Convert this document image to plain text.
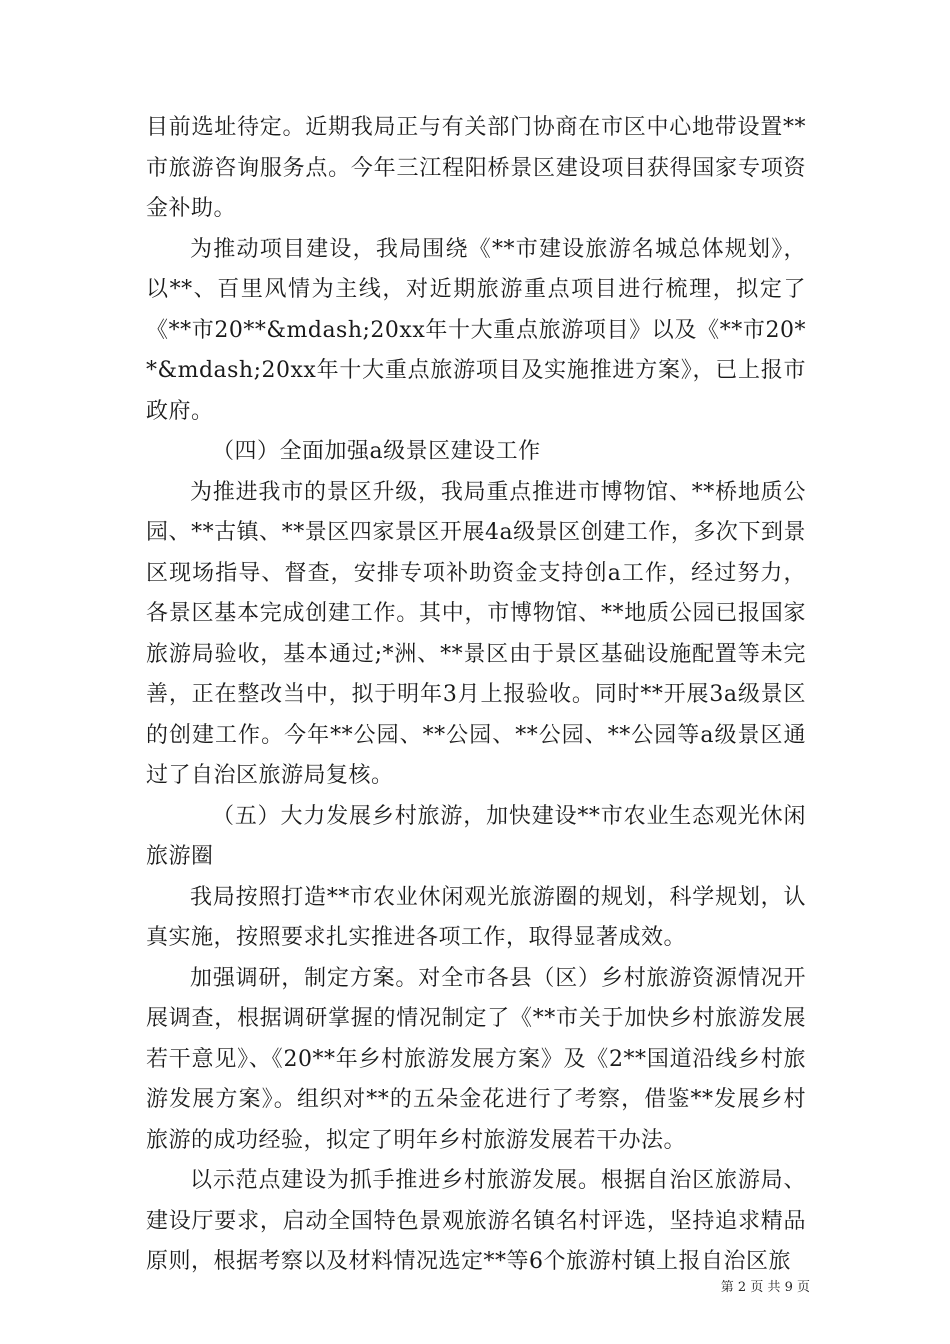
目前选址待定。近期我局正与有关部门协商在市区中心地带设置**市旅游咨询服务点。今年三江程阳桥景区建设项目获得国家专项资金补助。

为推动项目建设，我局围绕《**市建设旅游名城总体规划》，以**、百里风情为主线，对近期旅游重点项目进行梳理，拟定了《**市20**&mdash;20xx年十大重点旅游项目》以及《**市20**&mdash;20xx年十大重点旅游项目及实施推进方案》，已上报市政府。

（四）全面加强a级景区建设工作

为推进我市的景区升级，我局重点推进市博物馆、**桥地质公园、**古镇、**景区四家景区开展4a级景区创建工作，多次下到景区现场指导、督查，安排专项补助资金支持创a工作，经过努力，各景区基本完成创建工作。其中，市博物馆、**地质公园已报国家旅游局验收，基本通过;*洲、**景区由于景区基础设施配置等未完善，正在整改当中，拟于明年3月上报验收。同时**开展3a级景区的创建工作。今年**公园、**公园、**公园、**公园等a级景区通过了自治区旅游局复核。

（五）大力发展乡村旅游，加快建设**市农业生态观光休闲旅游圈

我局按照打造**市农业休闲观光旅游圈的规划，科学规划，认真实施，按照要求扎实推进各项工作，取得显著成效。

加强调研，制定方案。对全市各县（区）乡村旅游资源情况开展调查，根据调研掌握的情况制定了《**市关于加快乡村旅游发展若干意见》、《20**年乡村旅游发展方案》及《2**国道沿线乡村旅游发展方案》。组织对**的五朵金花进行了考察，借鉴**发展乡村旅游的成功经验，拟定了明年乡村旅游发展若干办法。

以示范点建设为抓手推进乡村旅游发展。根据自治区旅游局、建设厅要求，启动全国特色景观旅游名镇名村评选，坚持追求精品原则，根据考察以及材料情况选定**等6个旅游村镇上报自治区旅

第 2 页 共 9 页
